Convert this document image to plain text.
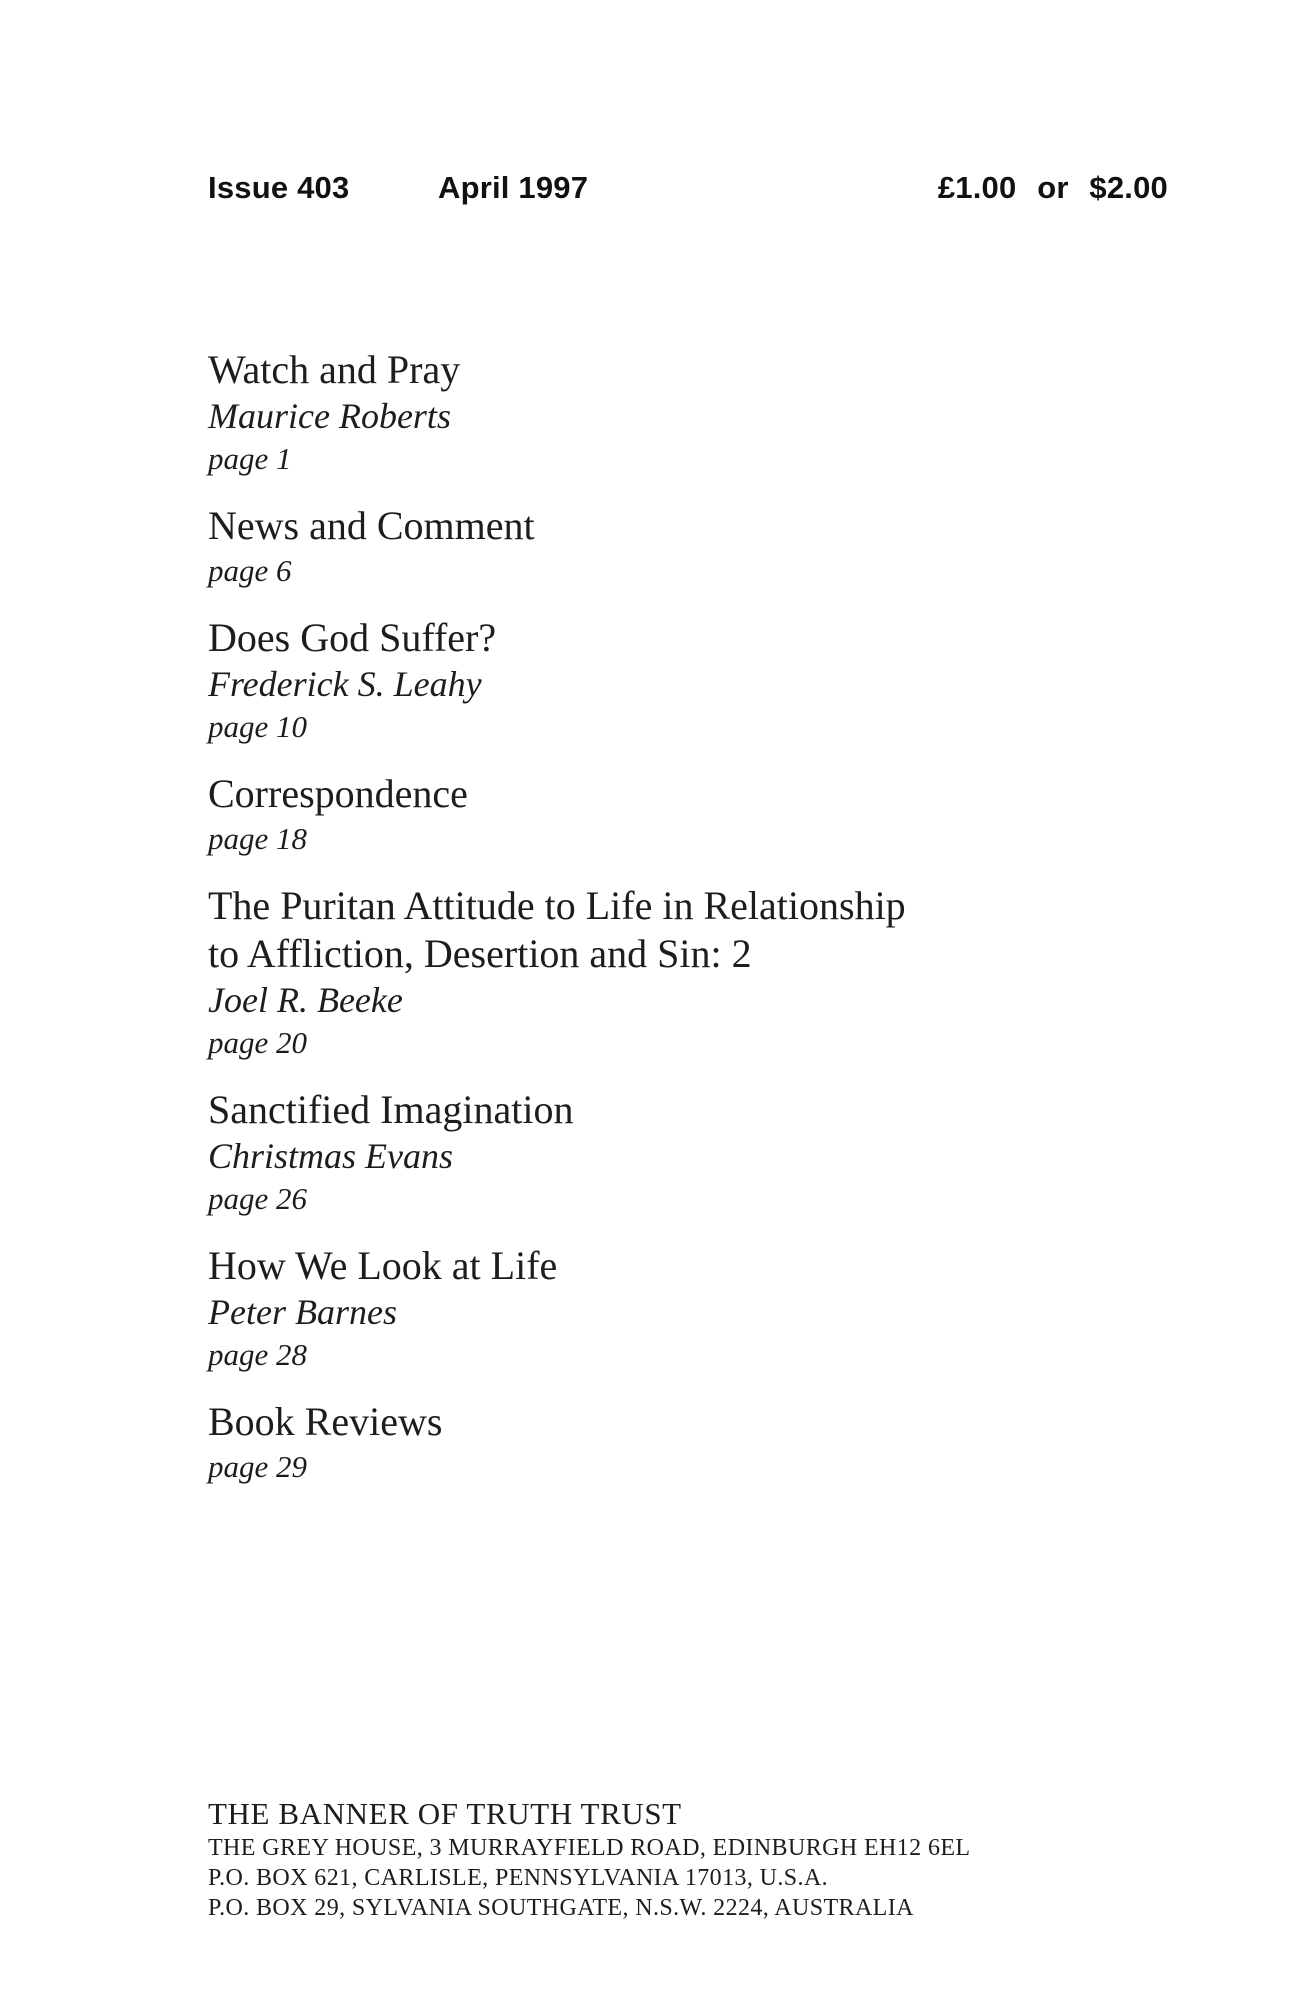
Issue 403	April 1997	£1.00 or $2.00
Watch and Pray
Maurice Roberts
page 1
News and Comment
page 6
Does God Suffer?
Frederick S. Leahy
page 10
Correspondence
page 18
The Puritan Attitude to Life in Relationship
to Affliction, Desertion and Sin: 2
Joel R. Beeke
page 20
Sanctified Imagination
Christmas Evans
page 26
How We Look at Life
Peter Barnes
page 28
Book Reviews
page 29
THE BANNER OF TRUTH TRUST
THE GREY HOUSE, 3 MURRAYFIELD ROAD, EDINBURGH EH12 6EL
P.O. BOX 621, CARLISLE, PENNSYLVANIA 17013, U.S.A.
P.O. BOX 29, SYLVANIA SOUTHGATE, N.S.W. 2224, AUSTRALIA
